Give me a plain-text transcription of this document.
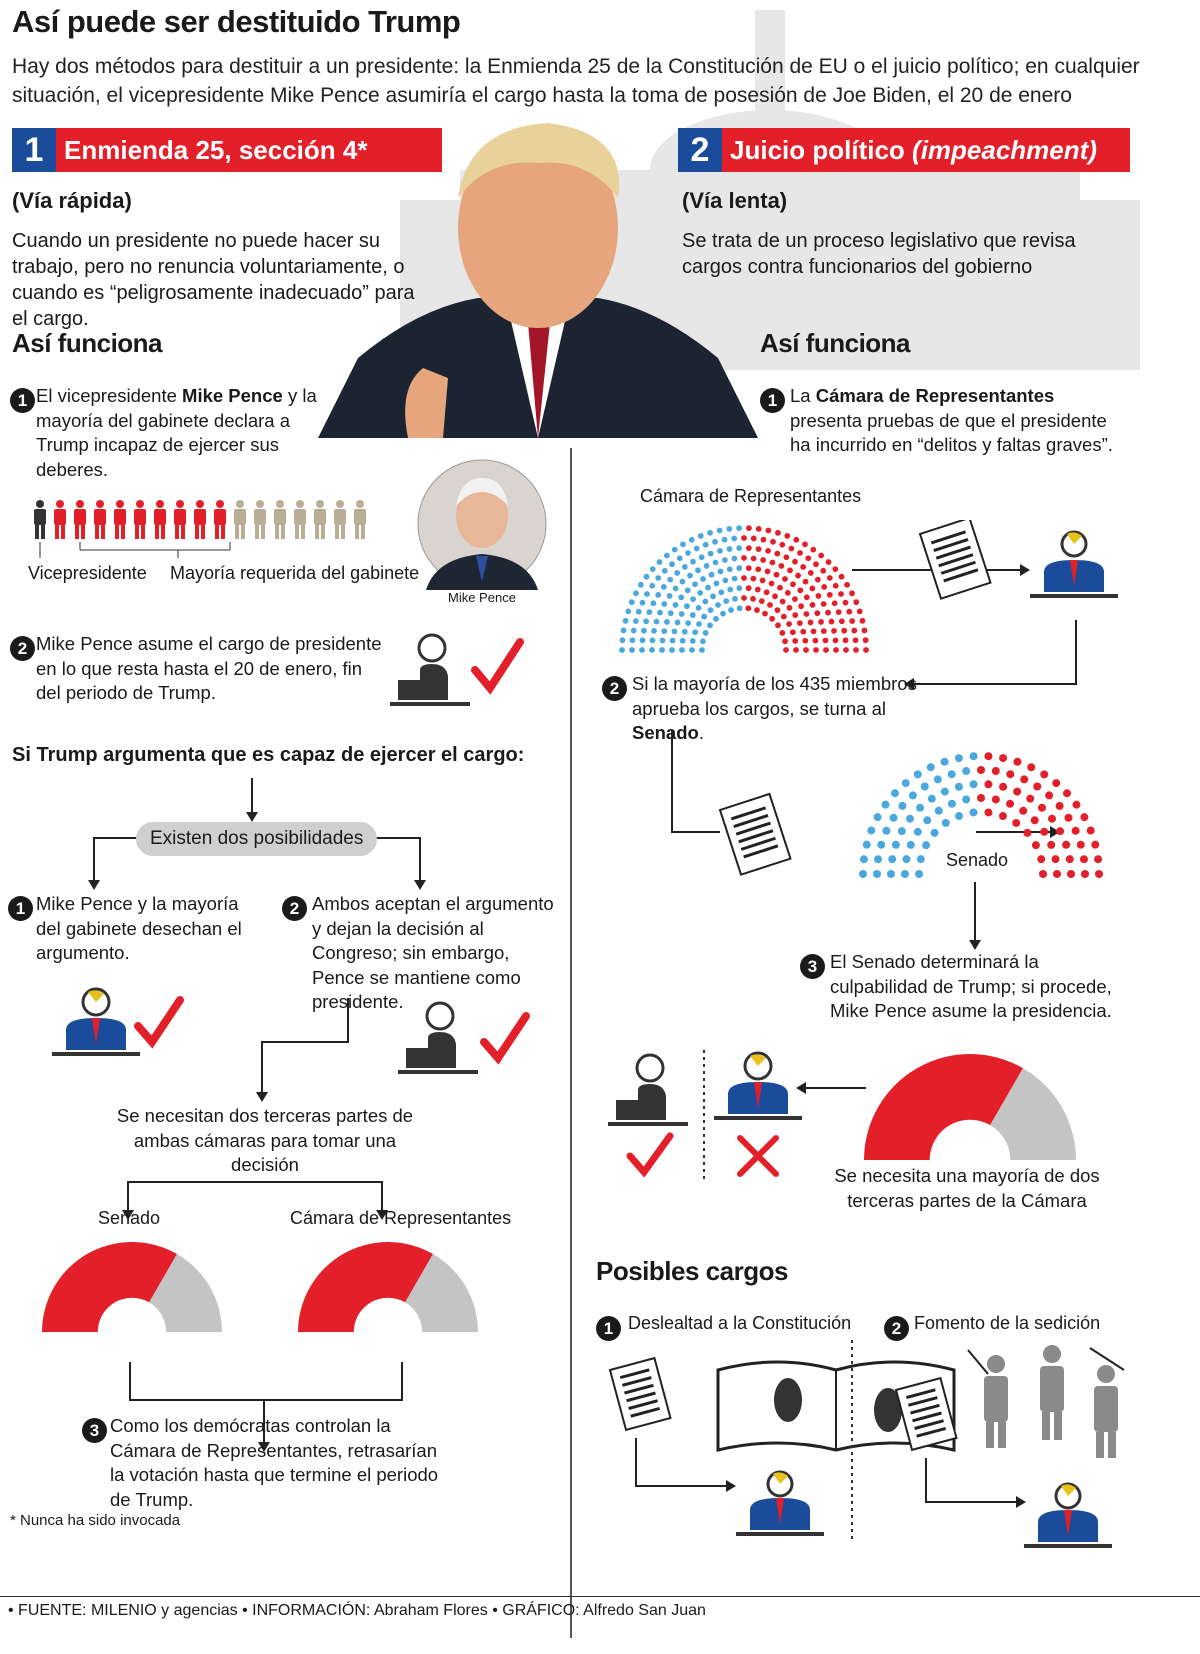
Así puede ser destituido Trump
Hay dos métodos para destituir a un presidente: la Enmienda 25 de la Constitución de EU o el juicio político; en cualquier situación, el vicepresidente Mike Pence asumiría el cargo hasta la toma de posesión de Joe Biden, el 20 de enero
1 Enmienda 25, sección 4*	2 Juicio político
(impeachment)
(Vía rápida)
Cuando un presidente no puede hacer su trabajo, pero no renuncia voluntariamente, o cuando es “peligrosamente inadecuado” para el cargo.
(Vía lenta)
Se trata de un proceso legislativo que revisa cargos contra funcionarios del gobierno
Así funciona	Así funciona
1 El vicepresidente Mike Pence y la mayoría del gabinete declara a Trump incapaz de ejercer sus deberes.
Vicepresidente Mayoría requerida del gabinete
Mike Pence
2 Mike Pence asume el cargo de presidente en lo que resta hasta el 20 de enero, fin del periodo de Trump.
Si Trump argumenta que es capaz de ejercer el cargo:
Existen dos posibilidades
1 Mike Pence y la mayoría del gabinete desechan el argumento.
2 Ambos aceptan el argumento y dejan la decisión al Congreso; sin embargo, Pence se mantiene como presidente.
Se necesitan dos terceras partes de ambas cámaras para tomar una decisión
Senado	Cámara de Representantes
3 Como los demócratas controlan la Cámara de Representantes, retrasarían la votación hasta que termine el periodo de Trump.
* Nunca ha sido invocada
1 La Cámara de Representantes presenta pruebas de que el presidente ha incurrido en “delitos y faltas graves”.
Cámara de Representantes
2 Si la mayoría de los 435 miembros aprueba los cargos, se turna al Senado.
Senado
3 El Senado determinará la culpabilidad de Trump; si procede, Mike Pence asume la presidencia.
Se necesita una mayoría de dos terceras partes de la Cámara
Posibles cargos
1 Deslealtad a la Constitución	2 Fomento de la sedición
• FUENTE: MILENIO y agencias • INFORMACIÓN: Abraham Flores • GRÁFICO: Alfredo San Juan
